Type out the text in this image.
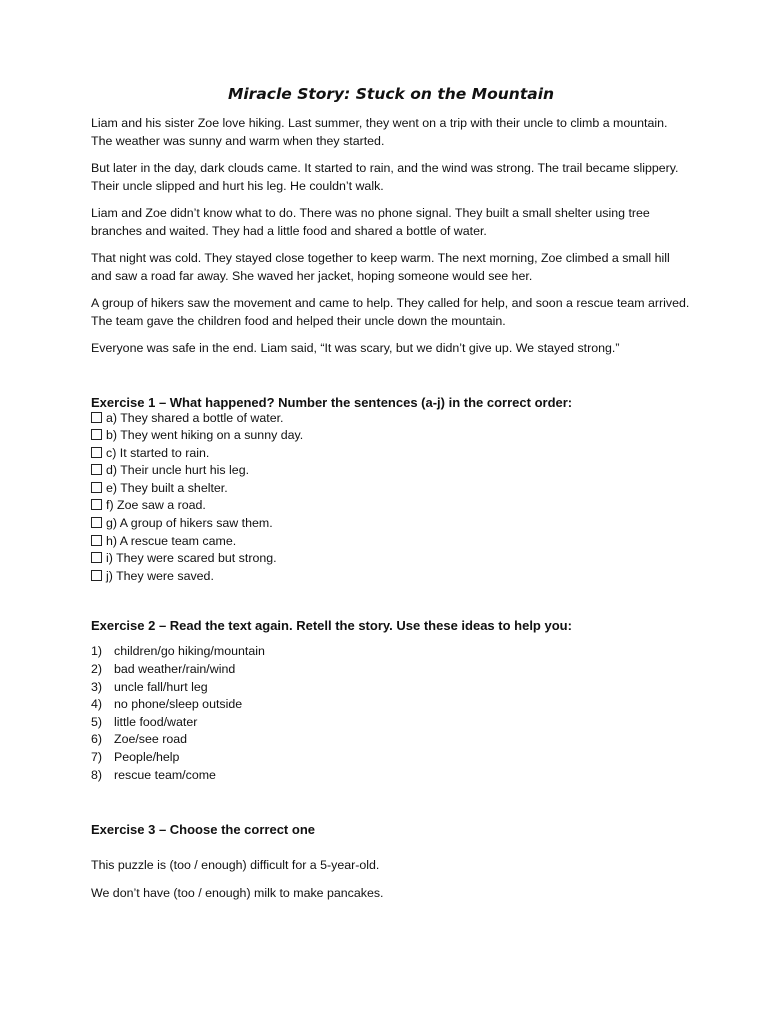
Miracle Story: Stuck on the Mountain

Liam and his sister Zoe love hiking. Last summer, they went on a trip with their uncle to climb a mountain. The weather was sunny and warm when they started.

But later in the day, dark clouds came. It started to rain, and the wind was strong. The trail became slippery. Their uncle slipped and hurt his leg. He couldn’t walk.

Liam and Zoe didn’t know what to do. There was no phone signal. They built a small shelter using tree branches and waited. They had a little food and shared a bottle of water.

That night was cold. They stayed close together to keep warm. The next morning, Zoe climbed a small hill and saw a road far away. She waved her jacket, hoping someone would see her.

A group of hikers saw the movement and came to help. They called for help, and soon a rescue team arrived. The team gave the children food and helped their uncle down the mountain.

Everyone was safe in the end. Liam said, “It was scary, but we didn’t give up. We stayed strong.”

Exercise 1 – What happened? Number the sentences (a-j) in the correct order:
a) They shared a bottle of water.
b) They went hiking on a sunny day.
c) It started to rain.
d) Their uncle hurt his leg.
e) They built a shelter.
f) Zoe saw a road.
g) A group of hikers saw them.
h) A rescue team came.
i) They were scared but strong.
j) They were saved.
Exercise 2 – Read the text again. Retell the story. Use these ideas to help you:
1) children/go hiking/mountain
2) bad weather/rain/wind
3) uncle fall/hurt leg
4) no phone/sleep outside
5) little food/water
6) Zoe/see road
7) People/help
8) rescue team/come
Exercise 3 – Choose the correct one

This puzzle is (too / enough) difficult for a 5-year-old.

We don’t have (too / enough) milk to make pancakes.
